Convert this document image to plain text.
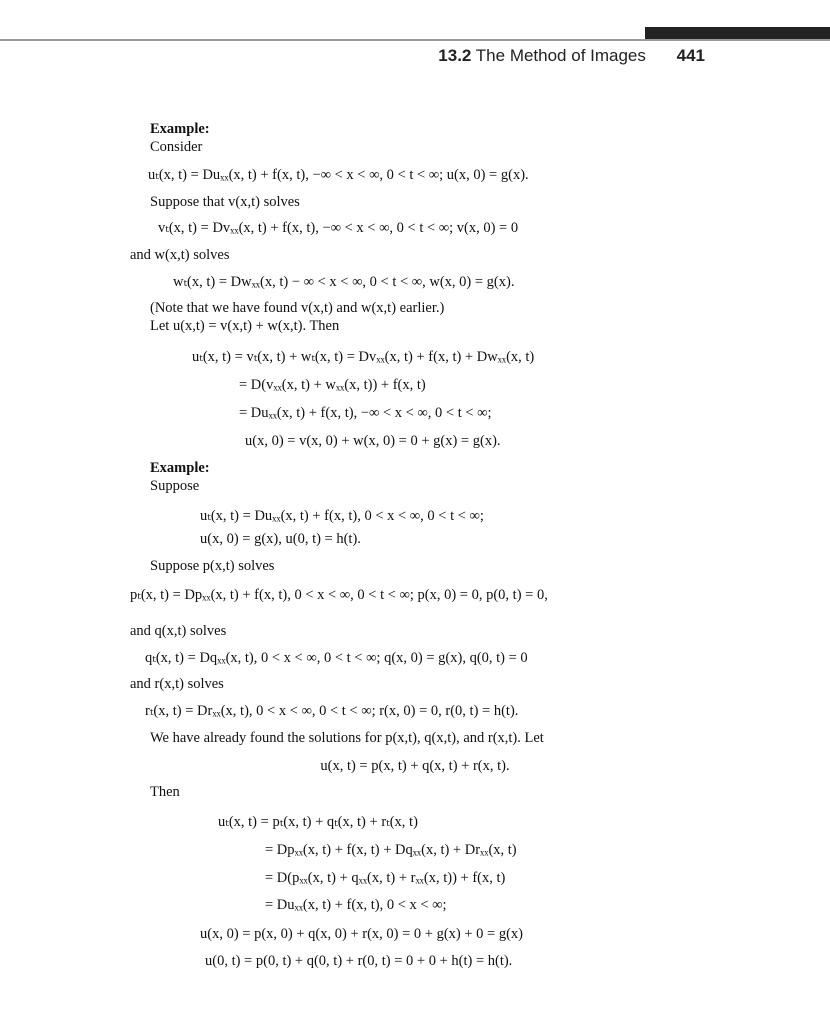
13.2 The Method of Images 441
Example:
Consider
uₜ(x, t) = Duₓₓ(x, t) + f(x, t), −∞ < x < ∞, 0 < t < ∞; u(x, 0) = g(x).
Suppose that v(x,t) solves
vₜ(x, t) = Dvₓₓ(x, t) + f(x, t), −∞ < x < ∞, 0 < t < ∞; v(x, 0) = 0
and w(x,t) solves
wₜ(x, t) = Dwₓₓ(x, t) − ∞ < x < ∞, 0 < t < ∞, w(x, 0) = g(x).
(Note that we have found v(x,t) and w(x,t) earlier.)
Let u(x,t) = v(x,t) + w(x,t). Then
uₜ(x, t) = vₜ(x, t) + wₜ(x, t) = Dvₓₓ(x, t) + f(x, t) + Dwₓₓ(x, t)
= D(vₓₓ(x, t) + wₓₓ(x, t)) + f(x, t)
= Duₓₓ(x, t) + f(x, t), −∞ < x < ∞, 0 < t < ∞;
u(x, 0) = v(x, 0) + w(x, 0) = 0 + g(x) = g(x).
Example:
Suppose
uₜ(x, t) = Duₓₓ(x, t) + f(x, t), 0 < x < ∞, 0 < t < ∞;
u(x, 0) = g(x), u(0, t) = h(t).
Suppose p(x,t) solves
pₜ(x, t) = Dpₓₓ(x, t) + f(x, t), 0 < x < ∞, 0 < t < ∞; p(x, 0) = 0, p(0, t) = 0,
and q(x,t) solves
qₜ(x, t) = Dqₓₓ(x, t), 0 < x < ∞, 0 < t < ∞; q(x, 0) = g(x), q(0, t) = 0
and r(x,t) solves
rₜ(x, t) = Drₓₓ(x, t), 0 < x < ∞, 0 < t < ∞; r(x, 0) = 0, r(0, t) = h(t).
We have already found the solutions for p(x,t), q(x,t), and r(x,t). Let
u(x, t) = p(x, t) + q(x, t) + r(x, t).
Then
uₜ(x, t) = pₜ(x, t) + qₜ(x, t) + rₜ(x, t)
= Dpₓₓ(x, t) + f(x, t) + Dqₓₓ(x, t) + Drₓₓ(x, t)
= D(pₓₓ(x, t) + qₓₓ(x, t) + rₓₓ(x, t)) + f(x, t)
= Duₓₓ(x, t) + f(x, t), 0 < x < ∞;
u(x, 0) = p(x, 0) + q(x, 0) + r(x, 0) = 0 + g(x) + 0 = g(x)
u(0, t) = p(0, t) + q(0, t) + r(0, t) = 0 + 0 + h(t) = h(t).
